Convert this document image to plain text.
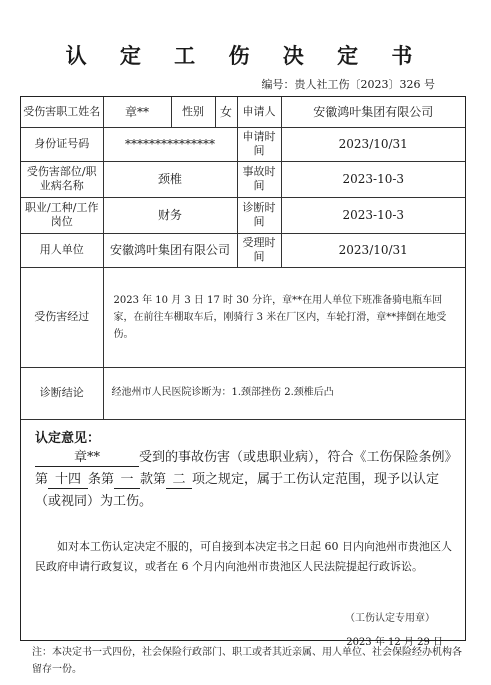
认 定 工 伤 决 定 书
编号：贵人社工伤〔2023〕326 号
受伤害职工姓名	章**	性别	女	申请人	安徽鸿叶集团有限公司
身份证号码	***************			申请时间	2023/10/31
受伤害部位/职业病名称	颈椎			事故时间	2023-10-3
职业/工种/工作岗位	财务			诊断时间	2023-10-3
用人单位	安徽鸿叶集团有限公司			受理时间	2023/10/31
受伤害经过	2023 年 10 月 3 日 17 时 30 分许，章**在用人单位下班准备骑电瓶车回家，在前往车棚取车后，刚骑行 3 米在厂区内，车轮打滑，章**摔倒在地受伤。				
诊断结论	经池州市人民医院诊断为：1.颈部挫伤 2.颈椎后凸				
认定意见：
章**	受到的事故伤害（或患职业病），符合《工伤保险条例》第 十四 条第 一 款第 二 项之规定，属于工伤认定范围，现予以认定（或视同）为工伤。
如对本工伤认定决定不服的，可自接到本决定书之日起 60 日内向池州市贵池区人民政府申请行政复议，或者在 6 个月内向池州市贵池区人民法院提起行政诉讼。
（工伤认定专用章）
2023 年 12 月 29 日
注：本决定书一式四份，社会保险行政部门、职工或者其近亲属、用人单位、社会保险经办机构各留存一份。
